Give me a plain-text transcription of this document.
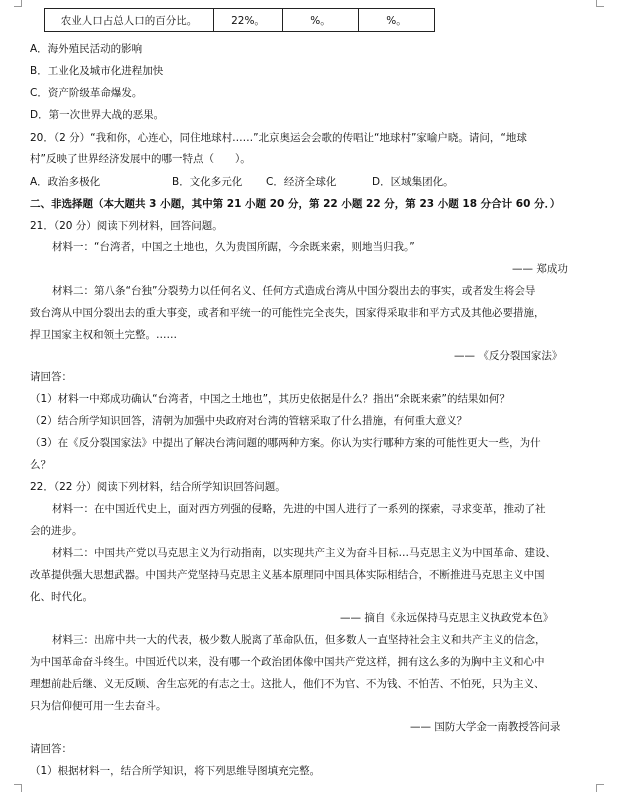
农业人口占总人口的百分比。	22%。	%。	%。
A．海外殖民活动的影响
B．工业化及城市化进程加快
C．资产阶级革命爆发。
D．第一次世界大战的恶果。
20．（2 分）“我和你，心连心，同住地球村……”北京奥运会会歌的传唱让“地球村”家喻户晓。请问，“地球
村”反映了世界经济发展中的哪一特点（　　）。
A．政治多极化	B．文化多元化 C．经济全球化	D．区域集团化。
二、非选择题（本大题共 3 小题，其中第 21 小题 20 分，第 22 小题 22 分，第 23 小题 18 分合计 60 分．）
21．（20 分）阅读下列材料，回答问题。
材料一：“台湾者，中国之土地也，久为贵国所踞，今余既来索，则地当归我。”
—— 郑成功
材料二：第八条“台独”分裂势力以任何名义、任何方式造成台湾从中国分裂出去的事实，或者发生将会导
致台湾从中国分裂出去的重大事变，或者和平统一的可能性完全丧失，国家得采取非和平方式及其他必要措施，
捍卫国家主权和领土完整。……
—— 《反分裂国家法》
请回答：
（1）材料一中郑成功确认“台湾者，中国之土地也”，其历史依据是什么？指出“余既来索”的结果如何？
（2）结合所学知识回答，清朝为加强中央政府对台湾的管辖采取了什么措施，有何重大意义？
（3）在《反分裂国家法》中提出了解决台湾问题的哪两种方案。你认为实行哪种方案的可能性更大一些，为什
么？
22．（22 分）阅读下列材料，结合所学知识回答问题。
材料一：在中国近代史上，面对西方列强的侵略，先进的中国人进行了一系列的探索，寻求变革，推动了社
会的进步。
材料二：中国共产党以马克思主义为行动指南，以实现共产主义为奋斗目标…马克思主义为中国革命、建设、
改革提供强大思想武器。中国共产党坚持马克思主义基本原理同中国具体实际相结合，不断推进马克思主义中国
化、时代化。
—— 摘自《永远保持马克思主义执政党本色》
材料三：出席中共一大的代表，极少数人脱离了革命队伍，但多数人一直坚持社会主义和共产主义的信念，
为中国革命奋斗终生。中国近代以来，没有哪一个政治团体像中国共产党这样，拥有这么多的为胸中主义和心中
理想前赴后继、义无反顾、舍生忘死的有志之士。这批人，他们不为官、不为钱、不怕苦、不怕死，只为主义、
只为信仰便可用一生去奋斗。
—— 国防大学金一南教授答问录
请回答：
（1）根据材料一，结合所学知识，将下列思维导图填充完整。
